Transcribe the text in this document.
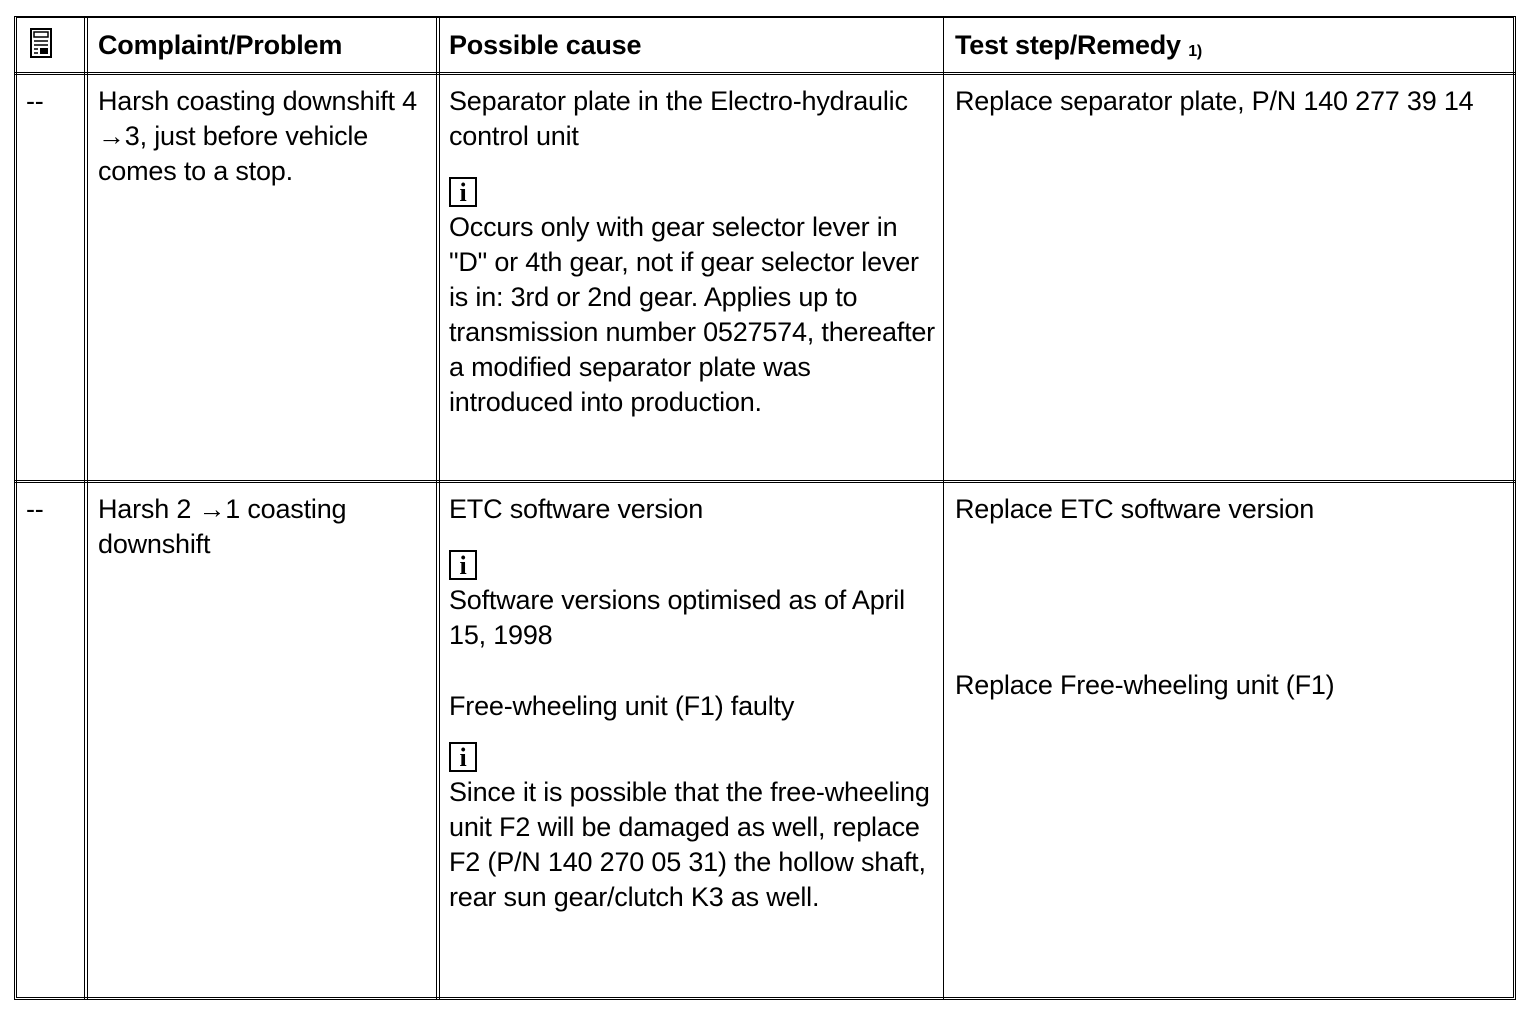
Complaint/Problem	Possible cause	Test step/Remedy $^{1)}$
-- Harsh coasting downshift 4 →3, just before vehicle comes to a stop.

Separator plate in the Electro-hydraulic control unit

i

Occurs only with gear selector lever in "D" or 4th gear, not if gear selector lever is in: 3rd or 2nd gear. Applies up to transmission number 0527574, thereafter a modified separator plate was introduced into production.

Replace separator plate, P/N 140 277 39 14
-- Harsh 2 →1 coasting downshift

ETC software version

i

Software versions optimised as of April 15, 1998

Free-wheeling unit (F1) faulty

i

Since it is possible that the free-wheeling unit F2 will be damaged as well, replace F2 (P/N 140 270 05 31) the hollow shaft, rear sun gear/clutch K3 as well.

Replace ETC software version

Replace Free-wheeling unit (F1)
